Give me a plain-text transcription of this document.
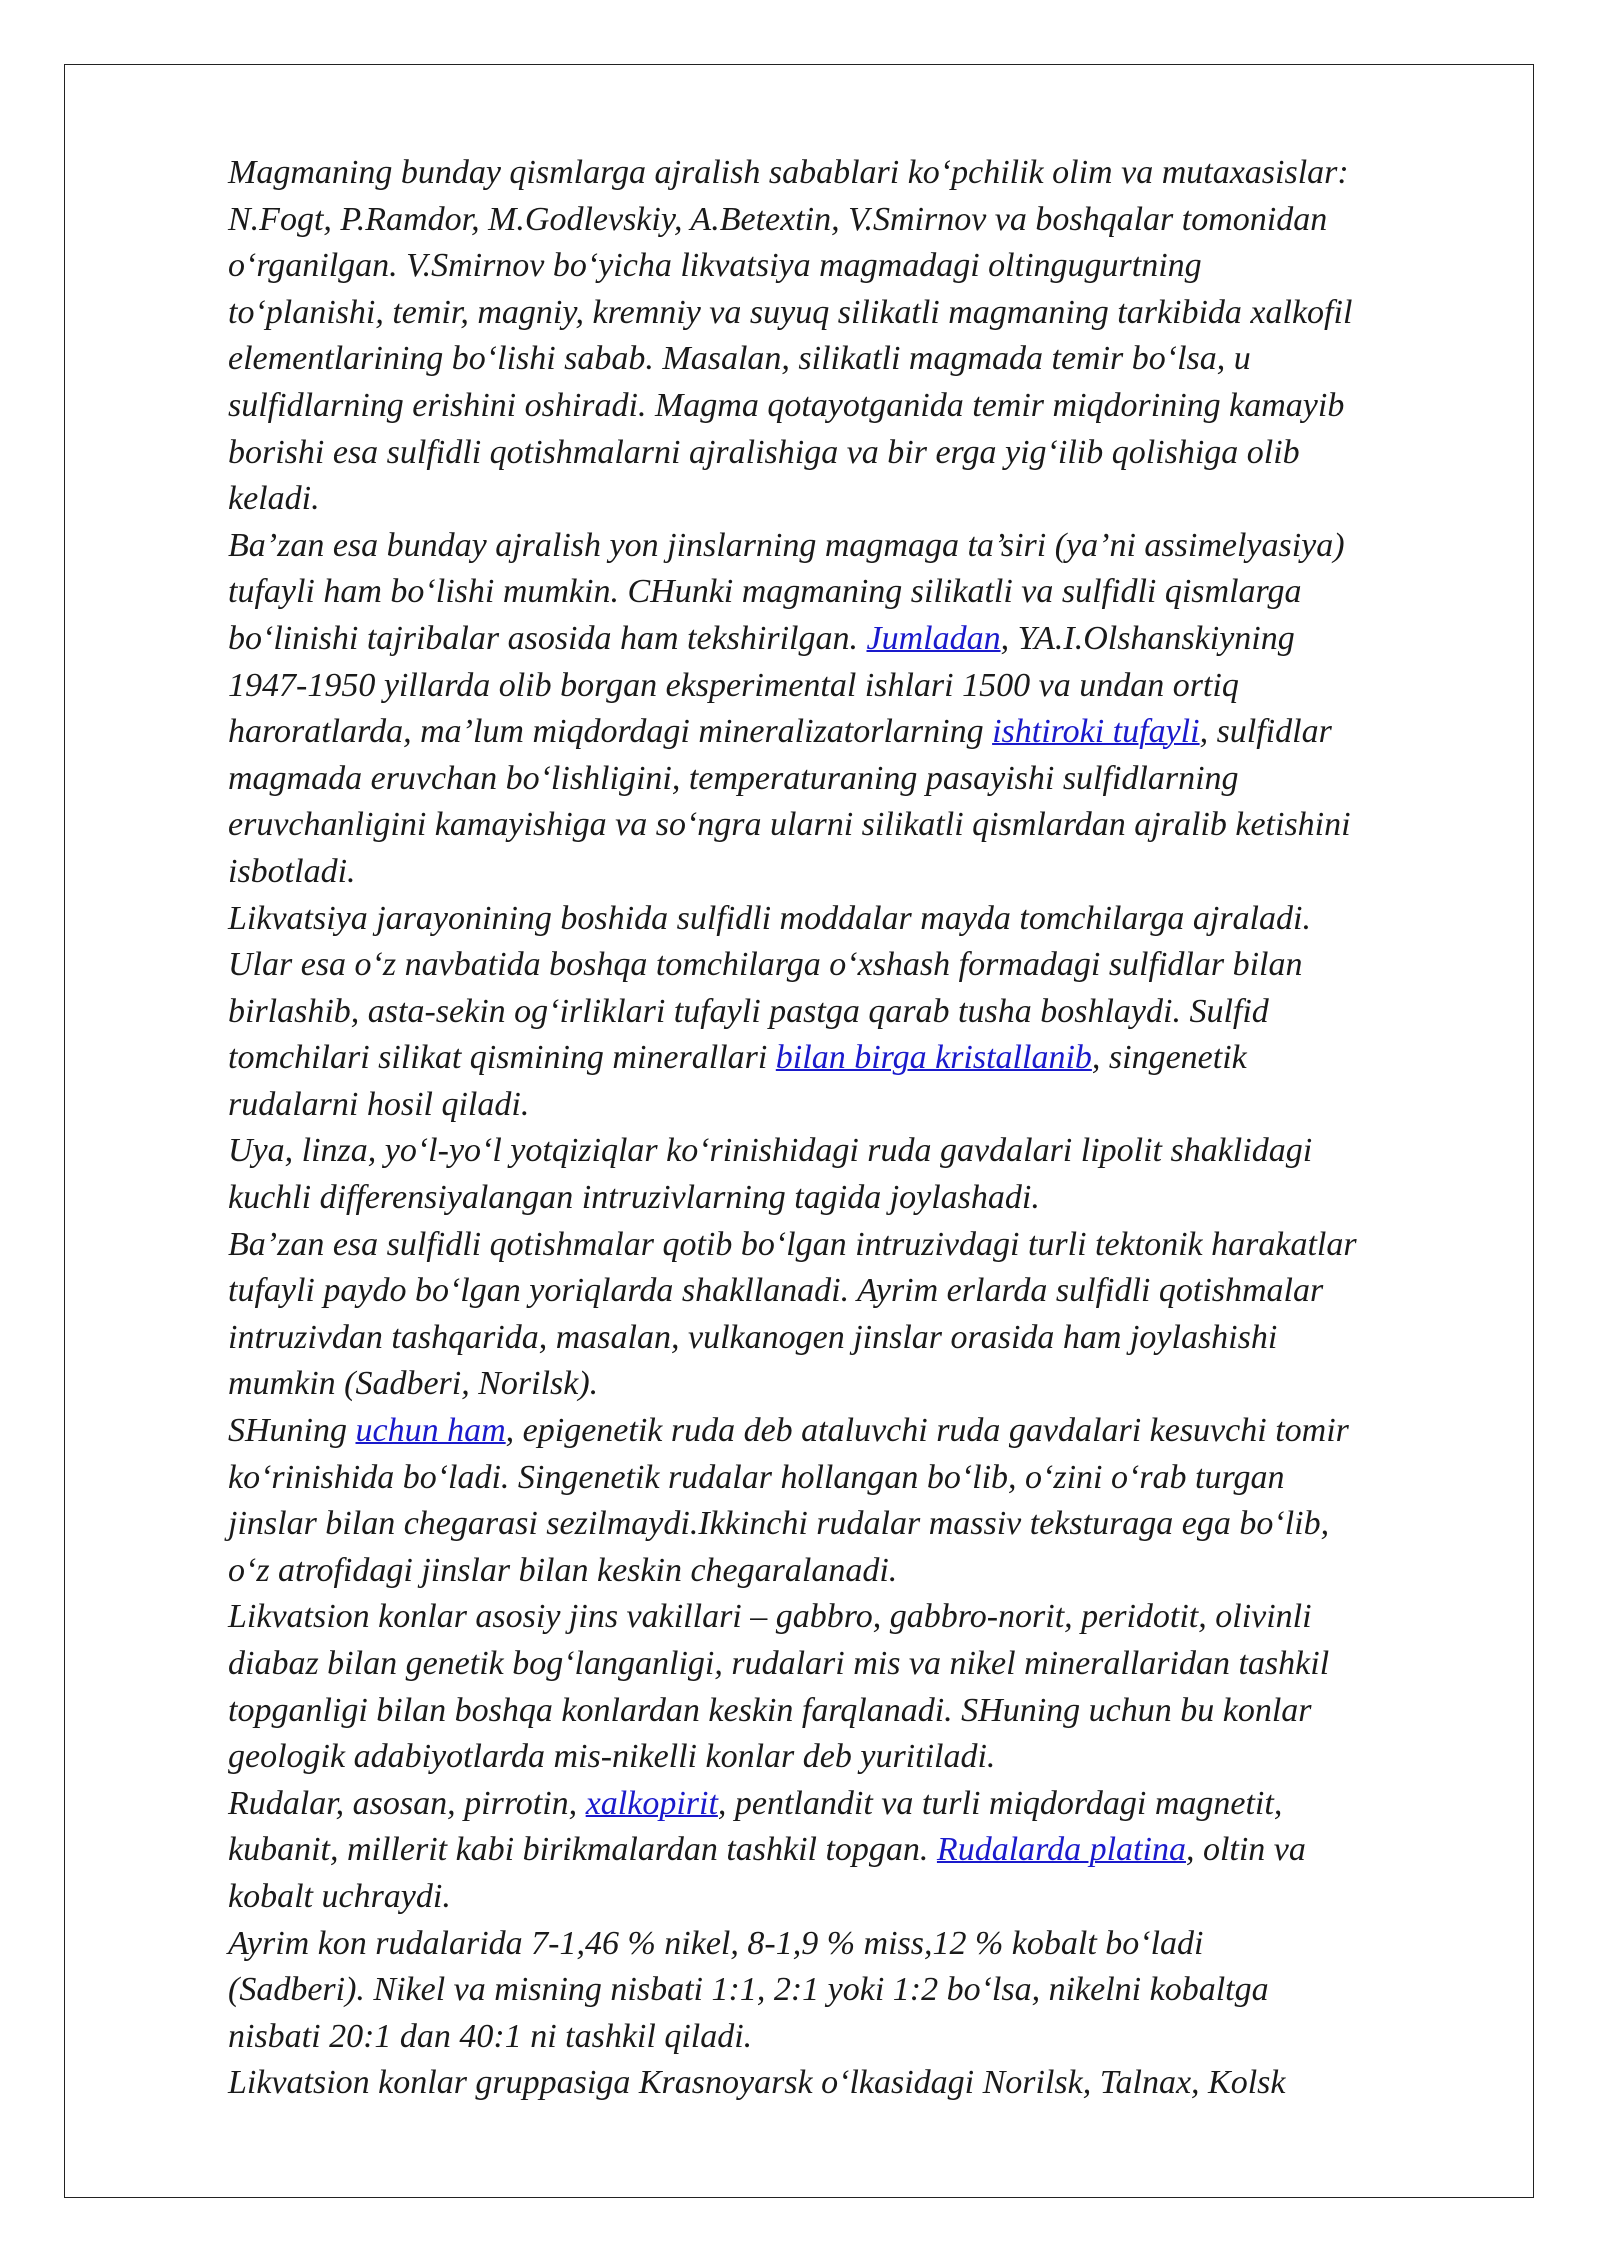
Magmaning bunday qismlarga ajralish sabablari ko‘pchilik olim va mutaxasislar:
N.Fogt, P.Ramdor, M.Godlevskiy, A.Betextin, V.Smirnov va boshqalar tomonidan
o‘rganilgan. V.Smirnov bo‘yicha likvatsiya magmadagi oltingugurtning
to‘planishi, temir, magniy, kremniy va suyuq silikatli magmaning tarkibida xalkofil
elementlarining bo‘lishi sabab. Masalan, silikatli magmada temir bo‘lsa, u
sulfidlarning erishini oshiradi. Magma qotayotganida temir miqdorining kamayib
borishi esa sulfidli qotishmalarni ajralishiga va bir erga yig‘ilib qolishiga olib
keladi.
Ba’zan esa bunday ajralish yon jinslarning magmaga ta’siri (ya’ni assimelyasiya)
tufayli ham bo‘lishi mumkin. CHunki magmaning silikatli va sulfidli qismlarga
bo‘linishi tajribalar asosida ham tekshirilgan. Jumladan, YA.I.Olshanskiyning
1947-1950 yillarda olib borgan eksperimental ishlari 1500 va undan ortiq
haroratlarda, ma’lum miqdordagi mineralizatorlarning ishtiroki tufayli, sulfidlar
magmada eruvchan bo‘lishligini, temperaturaning pasayishi sulfidlarning
eruvchanligini kamayishiga va so‘ngra ularni silikatli qismlardan ajralib ketishini
isbotladi.
Likvatsiya jarayonining boshida sulfidli moddalar mayda tomchilarga ajraladi.
Ular esa o‘z navbatida boshqa tomchilarga o‘xshash formadagi sulfidlar bilan
birlashib, asta-sekin og‘irliklari tufayli pastga qarab tusha boshlaydi. Sulfid
tomchilari silikat qismining minerallari bilan birga kristallanib, singenetik
rudalarni hosil qiladi.
Uya, linza, yo‘l-yo‘l yotqiziqlar ko‘rinishidagi ruda gavdalari lipolit shaklidagi
kuchli differensiyalangan intruzivlarning tagida joylashadi.
Ba’zan esa sulfidli qotishmalar qotib bo‘lgan intruzivdagi turli tektonik harakatlar
tufayli paydo bo‘lgan yoriqlarda shakllanadi. Ayrim erlarda sulfidli qotishmalar
intruzivdan tashqarida, masalan, vulkanogen jinslar orasida ham joylashishi
mumkin (Sadberi, Norilsk).
SHuning uchun ham, epigenetik ruda deb ataluvchi ruda gavdalari kesuvchi tomir
ko‘rinishida bo‘ladi. Singenetik rudalar hollangan bo‘lib, o‘zini o‘rab turgan
jinslar bilan chegarasi sezilmaydi.Ikkinchi rudalar massiv teksturaga ega bo‘lib,
o‘z atrofidagi jinslar bilan keskin chegaralanadi.
Likvatsion konlar asosiy jins vakillari – gabbro, gabbro-norit, peridotit, olivinli
diabaz bilan genetik bog‘langanligi, rudalari mis va nikel minerallaridan tashkil
topganligi bilan boshqa konlardan keskin farqlanadi. SHuning uchun bu konlar
geologik adabiyotlarda mis-nikelli konlar deb yuritiladi.
Rudalar, asosan, pirrotin, xalkopirit, pentlandit va turli miqdordagi magnetit,
kubanit, millerit kabi birikmalardan tashkil topgan. Rudalarda platina, oltin va
kobalt uchraydi.
Ayrim kon rudalarida 7-1,46 % nikel, 8-1,9 % miss,12 % kobalt bo‘ladi
(Sadberi). Nikel va misning nisbati 1:1, 2:1 yoki 1:2 bo‘lsa, nikelni kobaltga
nisbati 20:1 dan 40:1 ni tashkil qiladi.
Likvatsion konlar gruppasiga Krasnoyarsk o‘lkasidagi Norilsk, Talnax, Kolsk
